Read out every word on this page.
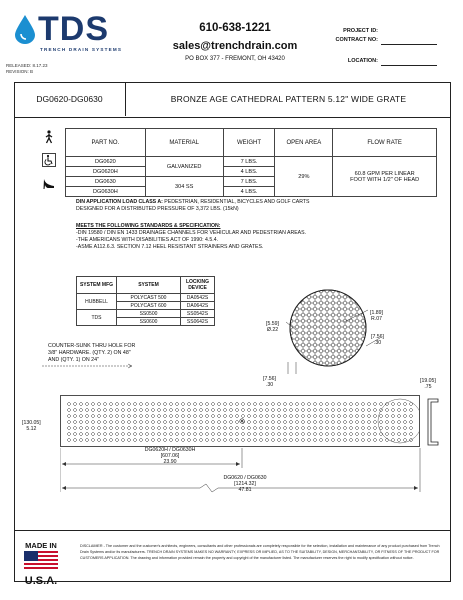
TDS
TRENCH DRAIN SYSTEMS
RELEASED: 8.17.23
REVISION: B
610-638-1221
sales@trenchdrain.com
PO BOX 377 - FREMONT, OH 43420
PROJECT ID:
CONTRACT NO:
LOCATION:
DG0620-DG0630	BRONZE AGE CATHEDRAL PATTERN 5.12" WIDE GRATE
PART NO.	MATERIAL	WEIGHT	OPEN AREA	FLOW RATE
DG0620	GALVANIZED	7 LBS.	29%	60.8 GPM PER LINEAR
FOOT WITH 1/2" OF HEAD
DG0620H		4 LBS.		
DG0630	304 SS	7 LBS.		
DG0630H		4 LBS.		
DIN APPLICATION LOAD CLASS A: PEDESTRIAN, RESIDENTIAL, BICYCLES AND GOLF CARTS
DESIGNED FOR A DISTRIBUTED PRESSURE OF 3,372 LBS. (15kN)
MEETS THE FOLLOWING STANDARDS & SPECIFICATION:
-DIN 19580 / DIN EN 1433 DRAINAGE CHANNELS FOR VEHICULAR AND PEDESTRIAN AREAS.
-THE AMERICANS WITH DISABILITIES ACT OF 1990: 4.5.4.
-ASME A112.6.3. SECTION 7.12 HEEL RESISTANT STRAINERS AND GRATES.
SYSTEM MFG	SYSTEM	LOCKING
DEVICE
HUBBELL	POLYCAST 500	DA0542S
	POLYCAST 600	DA0642S
TDS	SS0500	SS0542S
	SS0600	SS0642S
[1.89]
R.07
[5.59]
Ø.22
[7.56]
.30
[7.56]
.30
COUNTER-SUNK THRU HOLE FOR
3/8" HARDWARE. (QTY. 2) ON 48"
AND (QTY. 1) ON 24"
[19.05]
.75
[130.05]
5.12
DG0620H / DG0630H
[607.06]
23.90
DG0620 / DG0630
[1214.32]
47.81
MADE IN
U.S.A.
DISCLAIMER - The customer and the customer's architects, engineers, consultants and other professionals are completely responsible for the selection, installation and maintenance of any product purchased from Trench Drain Systems and/or its manufacturers. TRENCH DRAIN SYSTEMS MAKES NO WARRANTY, EXPRESS OR IMPLIED, AS TO THE SUITABILITY, DESIGN, MERCHANTABILITY, OR FITNESS OF THE PRODUCT FOR CUSTOMERS APPLICATION. The drawing and information provided remain the property and copyright of the manufacturer listed. The manufacturer reserves the right to modify specification without notice.
